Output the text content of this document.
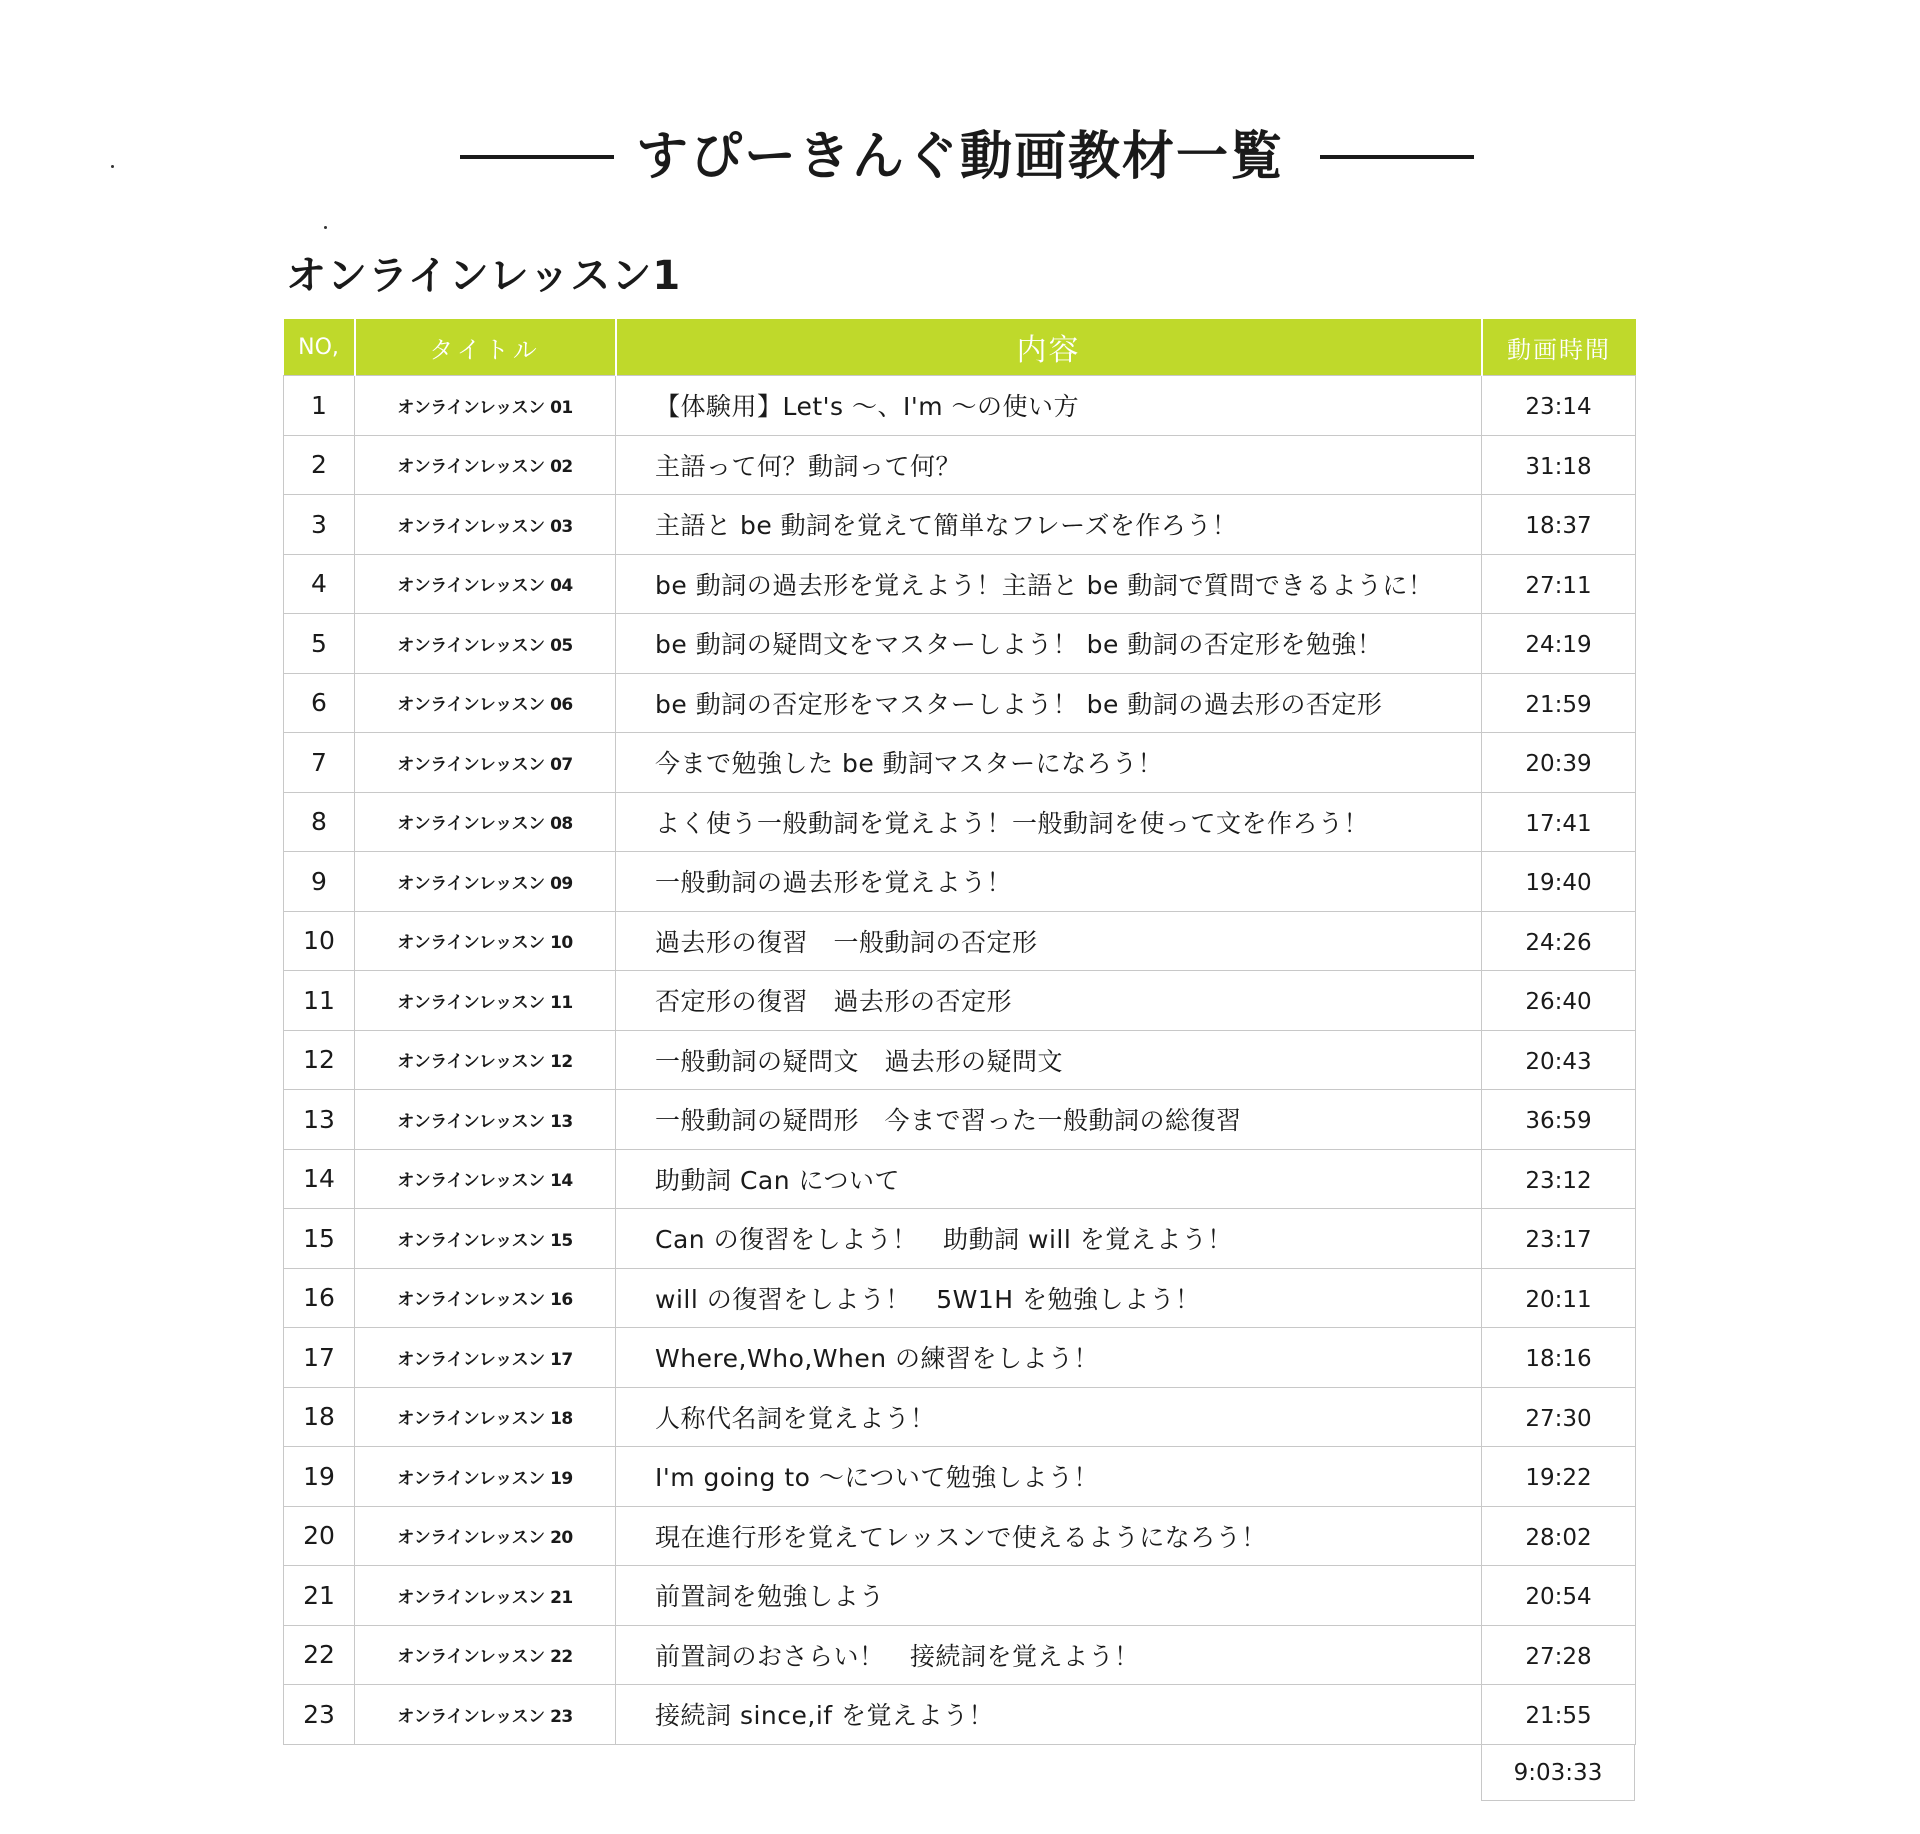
すぴーきんぐ動画教材一覧
オンラインレッスン1
NO,	タイトル	内容	動画時間
1	オンラインレッスン 01	【体験用】Let's ～、I'm ～の使い方	23:14
2	オンラインレッスン 02	主語って何？動詞って何？	31:18
3	オンラインレッスン 03	主語と be 動詞を覚えて簡単なフレーズを作ろう！	18:37
4	オンラインレッスン 04	be 動詞の過去形を覚えよう！主語と be 動詞で質問できるように！	27:11
5	オンラインレッスン 05	be 動詞の疑問文をマスターしよう！ be 動詞の否定形を勉強！	24:19
6	オンラインレッスン 06	be 動詞の否定形をマスターしよう！ be 動詞の過去形の否定形	21:59
7	オンラインレッスン 07	今まで勉強した be 動詞マスターになろう！	20:39
8	オンラインレッスン 08	よく使う一般動詞を覚えよう！一般動詞を使って文を作ろう！	17:41
9	オンラインレッスン 09	一般動詞の過去形を覚えよう！	19:40
10	オンラインレッスン 10	過去形の復習　一般動詞の否定形	24:26
11	オンラインレッスン 11	否定形の復習　過去形の否定形	26:40
12	オンラインレッスン 12	一般動詞の疑問文　過去形の疑問文	20:43
13	オンラインレッスン 13	一般動詞の疑問形　今まで習った一般動詞の総復習	36:59
14	オンラインレッスン 14	助動詞 Can について	23:12
15	オンラインレッスン 15	Can の復習をしよう！　助動詞 will を覚えよう！	23:17
16	オンラインレッスン 16	will の復習をしよう！　5W1H を勉強しよう！	20:11
17	オンラインレッスン 17	Where,Who,When の練習をしよう！	18:16
18	オンラインレッスン 18	人称代名詞を覚えよう！	27:30
19	オンラインレッスン 19	I'm going to ～について勉強しよう！	19:22
20	オンラインレッスン 20	現在進行形を覚えてレッスンで使えるようになろう！	28:02
21	オンラインレッスン 21	前置詞を勉強しよう	20:54
22	オンラインレッスン 22	前置詞のおさらい！　接続詞を覚えよう！	27:28
23	オンラインレッスン 23	接続詞 since,if を覚えよう！	21:55
9:03:33
